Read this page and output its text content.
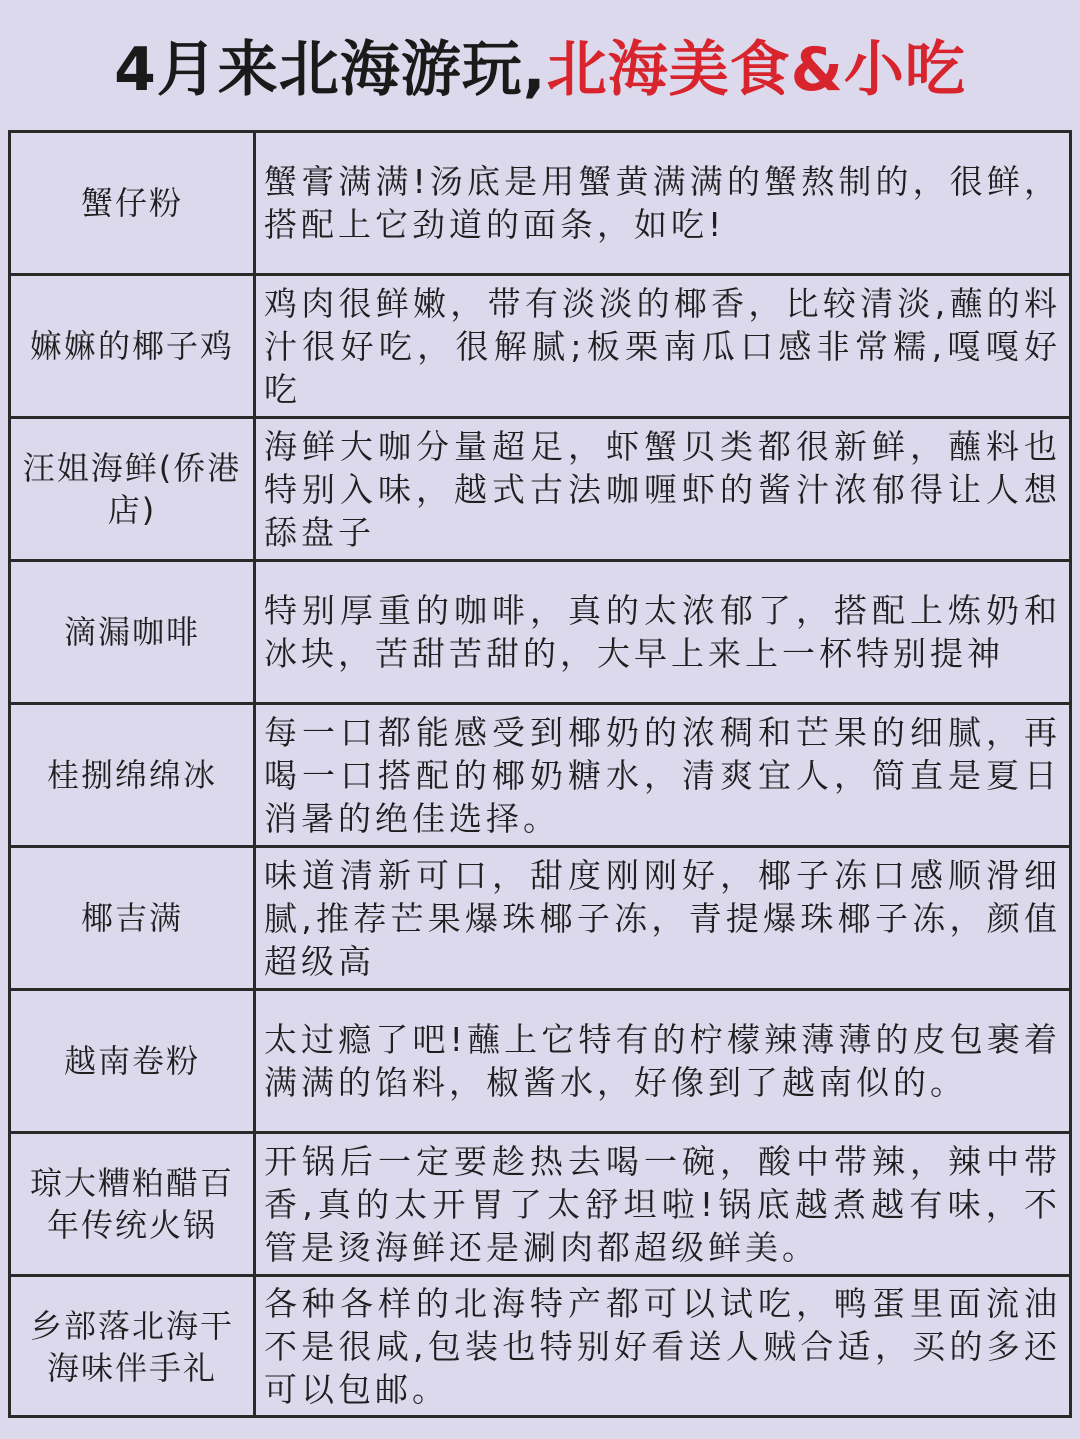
4月来北海游玩,北海美食&小吃
蟹仔粉
蟹膏满满!汤底是用蟹黄满满的蟹熬制的，很鲜，搭配上它劲道的面条，如吃!
嫲嫲的椰子鸡
鸡肉很鲜嫩，带有淡淡的椰香，比较清淡,蘸的料汁很好吃，很解腻;板栗南瓜口感非常糯,嘎嘎好吃
汪姐海鲜(侨港店)
海鲜大咖分量超足，虾蟹贝类都很新鲜，蘸料也特别入味，越式古法咖喱虾的酱汁浓郁得让人想舔盘子
滴漏咖啡
特别厚重的咖啡，真的太浓郁了，搭配上炼奶和冰块，苦甜苦甜的，大早上来上一杯特别提神
桂捌绵绵冰
每一口都能感受到椰奶的浓稠和芒果的细腻，再喝一口搭配的椰奶糖水，清爽宜人，简直是夏日消暑的绝佳选择。
椰吉满
味道清新可口，甜度刚刚好，椰子冻口感顺滑细腻,推荐芒果爆珠椰子冻，青提爆珠椰子冻，颜值超级高
越南卷粉
太过瘾了吧!蘸上它特有的柠檬辣薄薄的皮包裹着满满的馅料，椒酱水，好像到了越南似的。
琼大糟粕醋百年传统火锅
开锅后一定要趁热去喝一碗，酸中带辣，辣中带香,真的太开胃了太舒坦啦!锅底越煮越有味，不管是烫海鲜还是涮肉都超级鲜美。
乡部落北海干海味伴手礼
各种各样的北海特产都可以试吃，鸭蛋里面流油不是很咸,包装也特别好看送人贼合适，买的多还可以包邮。
